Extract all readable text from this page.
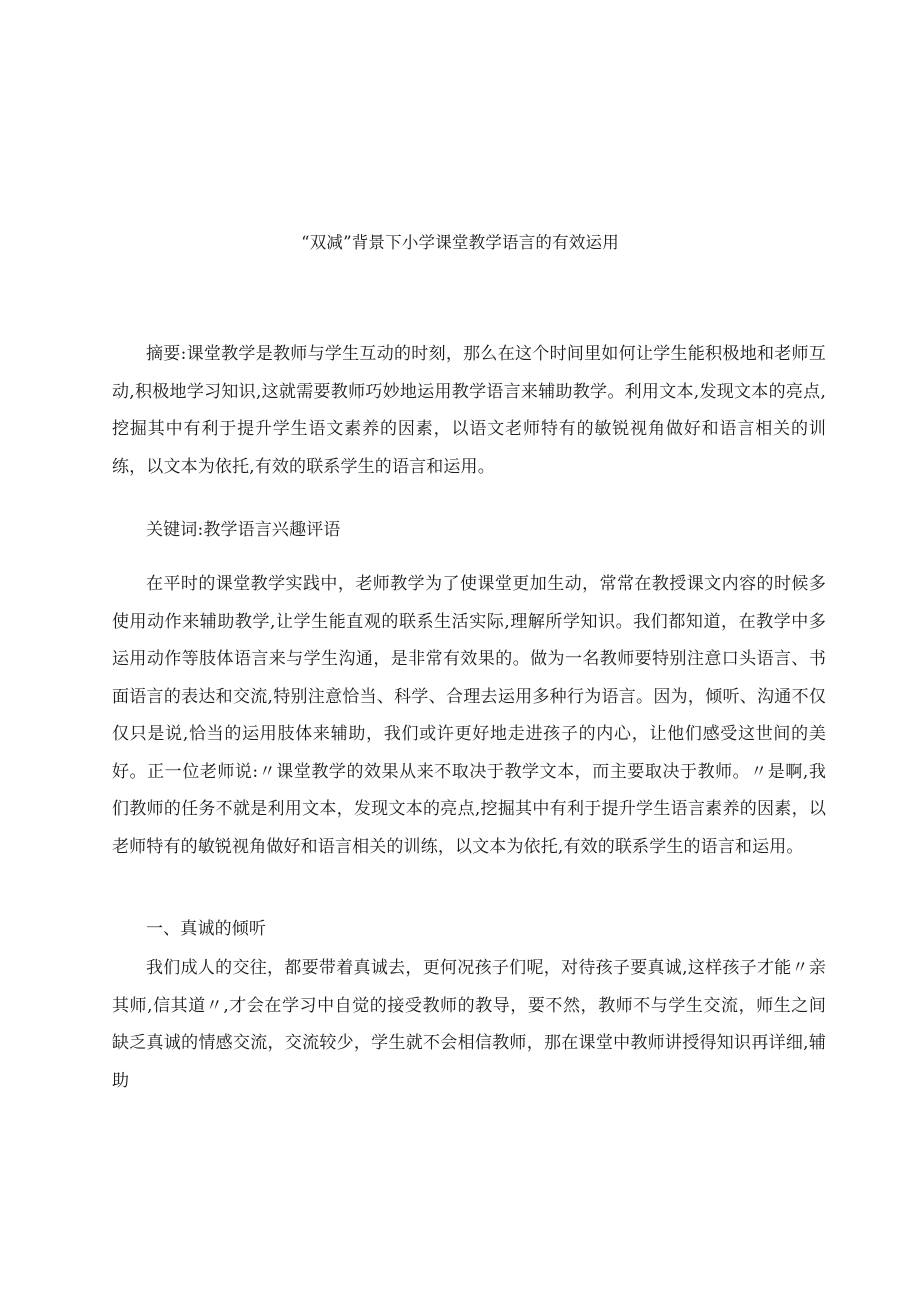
“双减”背景下小学课堂教学语言的有效运用

摘要:课堂教学是教师与学生互动的时刻，那么在这个时间里如何让学生能积极地和老师互动,积极地学习知识,这就需要教师巧妙地运用教学语言来辅助教学。利用文本,发现文本的亮点,挖掘其中有利于提升学生语文素养的因素，以语文老师特有的敏锐视角做好和语言相关的训练，以文本为依托,有效的联系学生的语言和运用。

关键词:教学语言兴趣评语

在平时的课堂教学实践中，老师教学为了使课堂更加生动，常常在教授课文内容的时候多使用动作来辅助教学,让学生能直观的联系生活实际,理解所学知识。我们都知道，在教学中多运用动作等肢体语言来与学生沟通，是非常有效果的。做为一名教师要特别注意口头语言、书面语言的表达和交流,特别注意恰当、科学、合理去运用多种行为语言。因为，倾听、沟通不仅仅只是说,恰当的运用肢体来辅助，我们或许更好地走进孩子的内心，让他们感受这世间的美好。正一位老师说:〃课堂教学的效果从来不取决于教学文本，而主要取决于教师。〃是啊,我们教师的任务不就是利用文本，发现文本的亮点,挖掘其中有利于提升学生语言素养的因素，以老师特有的敏锐视角做好和语言相关的训练，以文本为依托,有效的联系学生的语言和运用。

一、真诚的倾听

我们成人的交往，都要带着真诚去，更何况孩子们呢，对待孩子要真诚,这样孩子才能〃亲其师,信其道〃,才会在学习中自觉的接受教师的教导，要不然，教师不与学生交流，师生之间缺乏真诚的情感交流，交流较少，学生就不会相信教师，那在课堂中教师讲授得知识再详细,辅助
